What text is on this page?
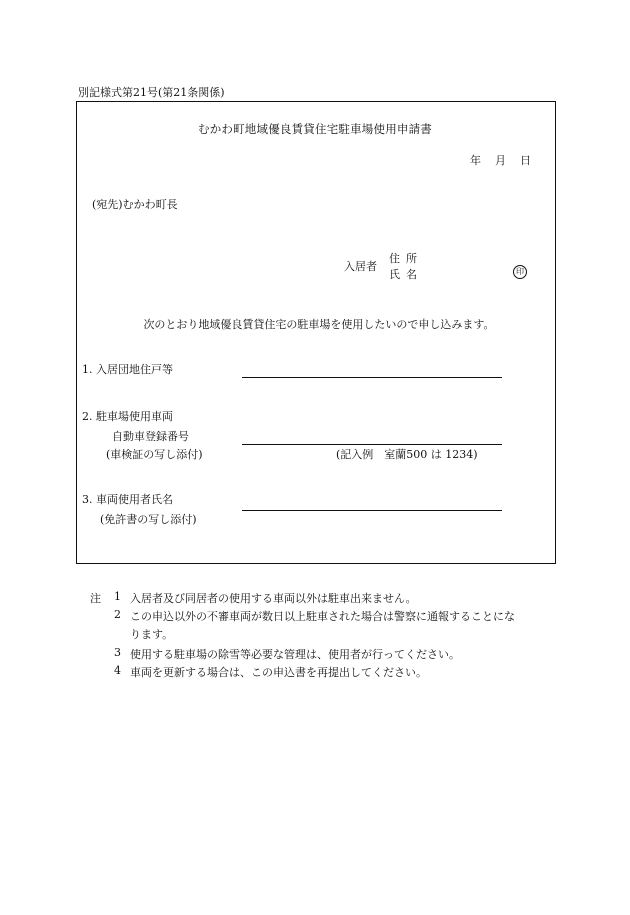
別記様式第21号(第21条関係)
むかわ町地域優良賃貸住宅駐車場使用申請書
年 月 日
(宛先)むかわ町長
入居者
住所
氏名	印
次のとおり地域優良賃貸住宅の駐車場を使用したいので申し込みます。
1. 入居団地住戸等
2. 駐車場使用車両
自動車登録番号
(車検証の写し添付)	(記入例　室蘭500 は 1234)
3. 車両使用者氏名
(免許書の写し添付)
注 1 入居者及び同居者の使用する車両以外は駐車出来ません。
2 この申込以外の不審車両が数日以上駐車された場合は警察に通報することにな
ります。
3 使用する駐車場の除雪等必要な管理は、使用者が行ってください。
4 車両を更新する場合は、この申込書を再提出してください。
